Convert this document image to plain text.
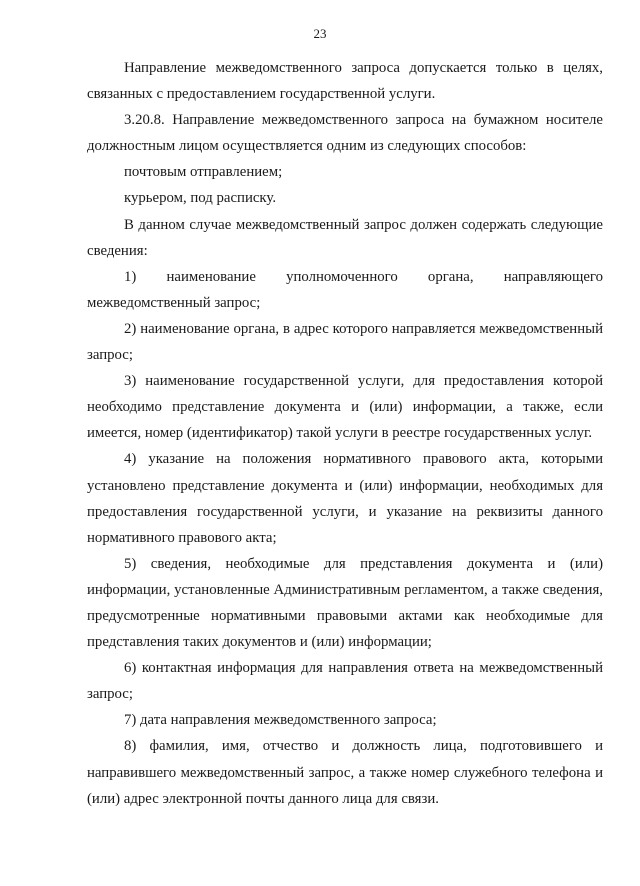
23

Направление межведомственного запроса допускается только в целях, связанных с предоставлением государственной услуги.

3.20.8. Направление межведомственного запроса на бумажном носителе должностным лицом осуществляется одним из следующих способов:

почтовым отправлением;

курьером, под расписку.

В данном случае межведомственный запрос должен содержать следующие сведения:

1) наименование уполномоченного органа, направляющего межведомственный запрос;

2) наименование органа, в адрес которого направляется межведомственный запрос;

3) наименование государственной услуги, для предоставления которой необходимо представление документа и (или) информации, а также, если имеется, номер (идентификатор) такой услуги в реестре государственных услуг.

4) указание на положения нормативного правового акта, которыми установлено представление документа и (или) информации, необходимых для предоставления государственной услуги, и указание на реквизиты данного нормативного правового акта;

5) сведения, необходимые для представления документа и (или) информации, установленные Административным регламентом, а также сведения, предусмотренные нормативными правовыми актами как необходимые для представления таких документов и (или) информации;

6) контактная информация для направления ответа на межведомственный запрос;

7) дата направления межведомственного запроса;

8) фамилия, имя, отчество и должность лица, подготовившего и направившего межведомственный запрос, а также номер служебного телефона и (или) адрес электронной почты данного лица для связи.
